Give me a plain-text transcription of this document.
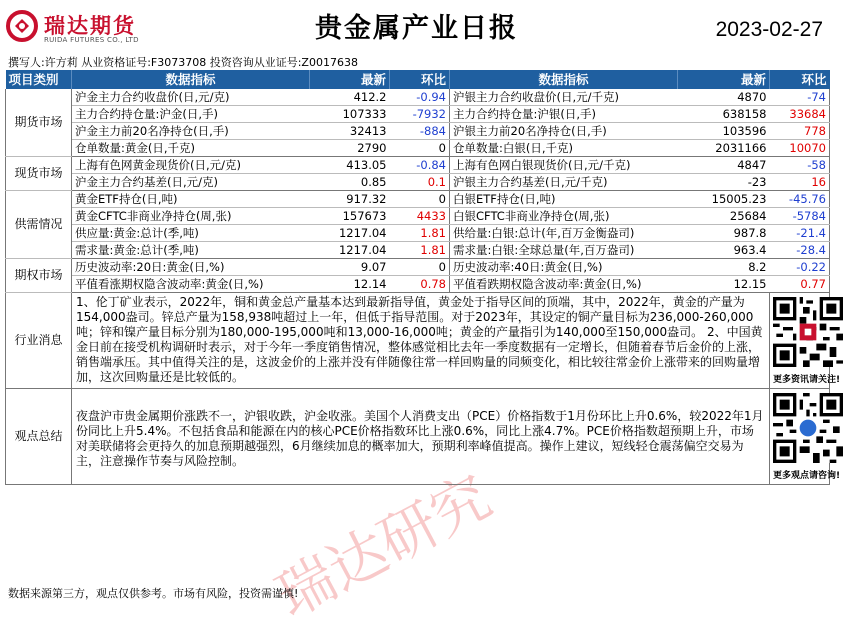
瑞达期货
RUIDA FUTURES CO., LTD	贵金属产业日报	2023-02-27
撰写人:许方莉 从业资格证号:F3073708 投资咨询从业证号:Z0017638
瑞达研究
项目类别	数据指标	最新	环比	数据指标	最新	环比
期货市场	沪金主力合约收盘价(日,元/克)	412.2	-0.94	沪银主力合约收盘价(日,元/千克)	4870	-74
	主力合约持仓量:沪金(日,手)	107333	-7932	主力合约持仓量:沪银(日,手)	638158	33684
	沪金主力前20名净持仓(日,手)	32413	-884	沪银主力前20名净持仓(日,手)	103596	778
	仓单数量:黄金(日,千克)	2790	0	仓单数量:白银(日,千克)	2031166	10070
现货市场	上海有色网黄金现货价(日,元/克)	413.05	-0.84	上海有色网白银现货价(日,元/千克)	4847	-58
	沪金主力合约基差(日,元/克)	0.85	0.1	沪银主力合约基差(日,元/千克)	-23	16
供需情况	黄金ETF持仓(日,吨)	917.32	0	白银ETF持仓(日,吨)	15005.23	-45.76
	黄金CFTC非商业净持仓(周,张)	157673	4433	白银CFTC非商业净持仓(周,张)	25684	-5784
	供应量:黄金:总计(季,吨)	1217.04	1.81	供给量:白银:总计(年,百万金衡盎司)	987.8	-21.4
	需求量:黄金:总计(季,吨)	1217.04	1.81	需求量:白银:全球总量(年,百万盎司)	963.4	-28.4
期权市场	历史波动率:20日:黄金(日,%)	9.07	0	历史波动率:40日:黄金(日,%)	8.2	-0.22
	平值看涨期权隐含波动率:黄金(日,%)	12.14	0.78	平值看跌期权隐含波动率:黄金(日,%)	12.15	0.77
行业消息	1、伦丁矿业表示，2022年，铜和黄金总产量基本达到最新指导值，黄金处于指导区间的顶端，其中，2022年，黄金的产量为154,000盎司。锌总产量为158,938吨超过上一年，但低于指导范围。对于2023年，其设定的铜产量目标为236,000-260,000吨；锌和镍产量目标分别为180,000-195,000吨和13,000-16,000吨；黄金的产量指引为140,000至150,000盎司。 2、中国黄金日前在接受机构调研时表示，对于今年一季度销售情况，整体感觉相比去年一季度数据有一定增长，但随着春节后金价的上涨，销售端承压。其中值得关注的是，这波金价的上涨并没有伴随像往常一样回购量的同频变化，相比较往常金价上涨带来的回购量增加，这次回购量还是比较低的。					更多资讯请关注!

观点总结	夜盘沪市贵金属期价涨跌不一，沪银收跌，沪金收涨。美国个人消费支出（PCE）价格指数于1月份环比上升0.6%，较2022年1月份同比上升5.4%。不包括食品和能源在内的核心PCE价格指数环比上涨0.6%，同比上涨4.7%。PCE价格指数超预期上升，市场对美联储将会更持久的加息预期越强烈，6月继续加息的概率加大，预期利率峰值提高。操作上建议，短线轻仓震荡偏空交易为主，注意操作节奏与风险控制。					更多观点请咨询!
数据来源第三方，观点仅供参考。市场有风险，投资需谨慎!
